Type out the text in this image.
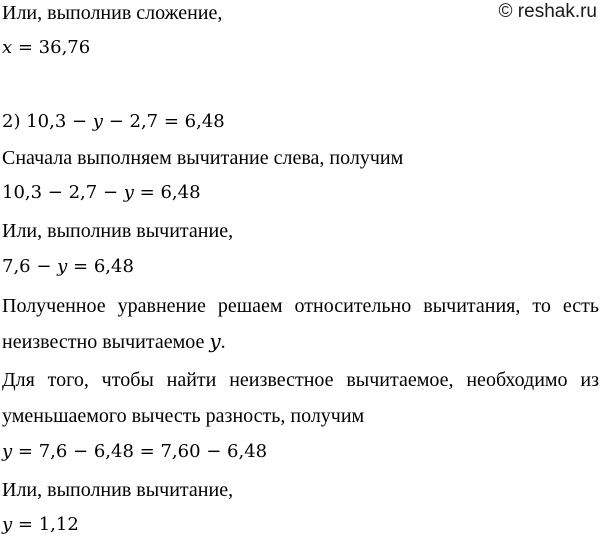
© reshak.ru
Или, выполнив сложение,
𝑥 = 36,76
2) 10,3 − 𝑦 − 2,7 = 6,48
Сначала выполняем вычитание слева, получим
10,3 − 2,7 − 𝑦 = 6,48
Или, выполнив вычитание,
7,6 − 𝑦 = 6,48
Полученное уравнение решаем относительно вычитания, то есть
неизвестно вычитаемое 𝑦.
Для того, чтобы найти неизвестное вычитаемое, необходимо из
уменьшаемого вычесть разность, получим
𝑦 = 7,6 − 6,48 = 7,60 − 6,48
Или, выполнив вычитание,
𝑦 = 1,12
